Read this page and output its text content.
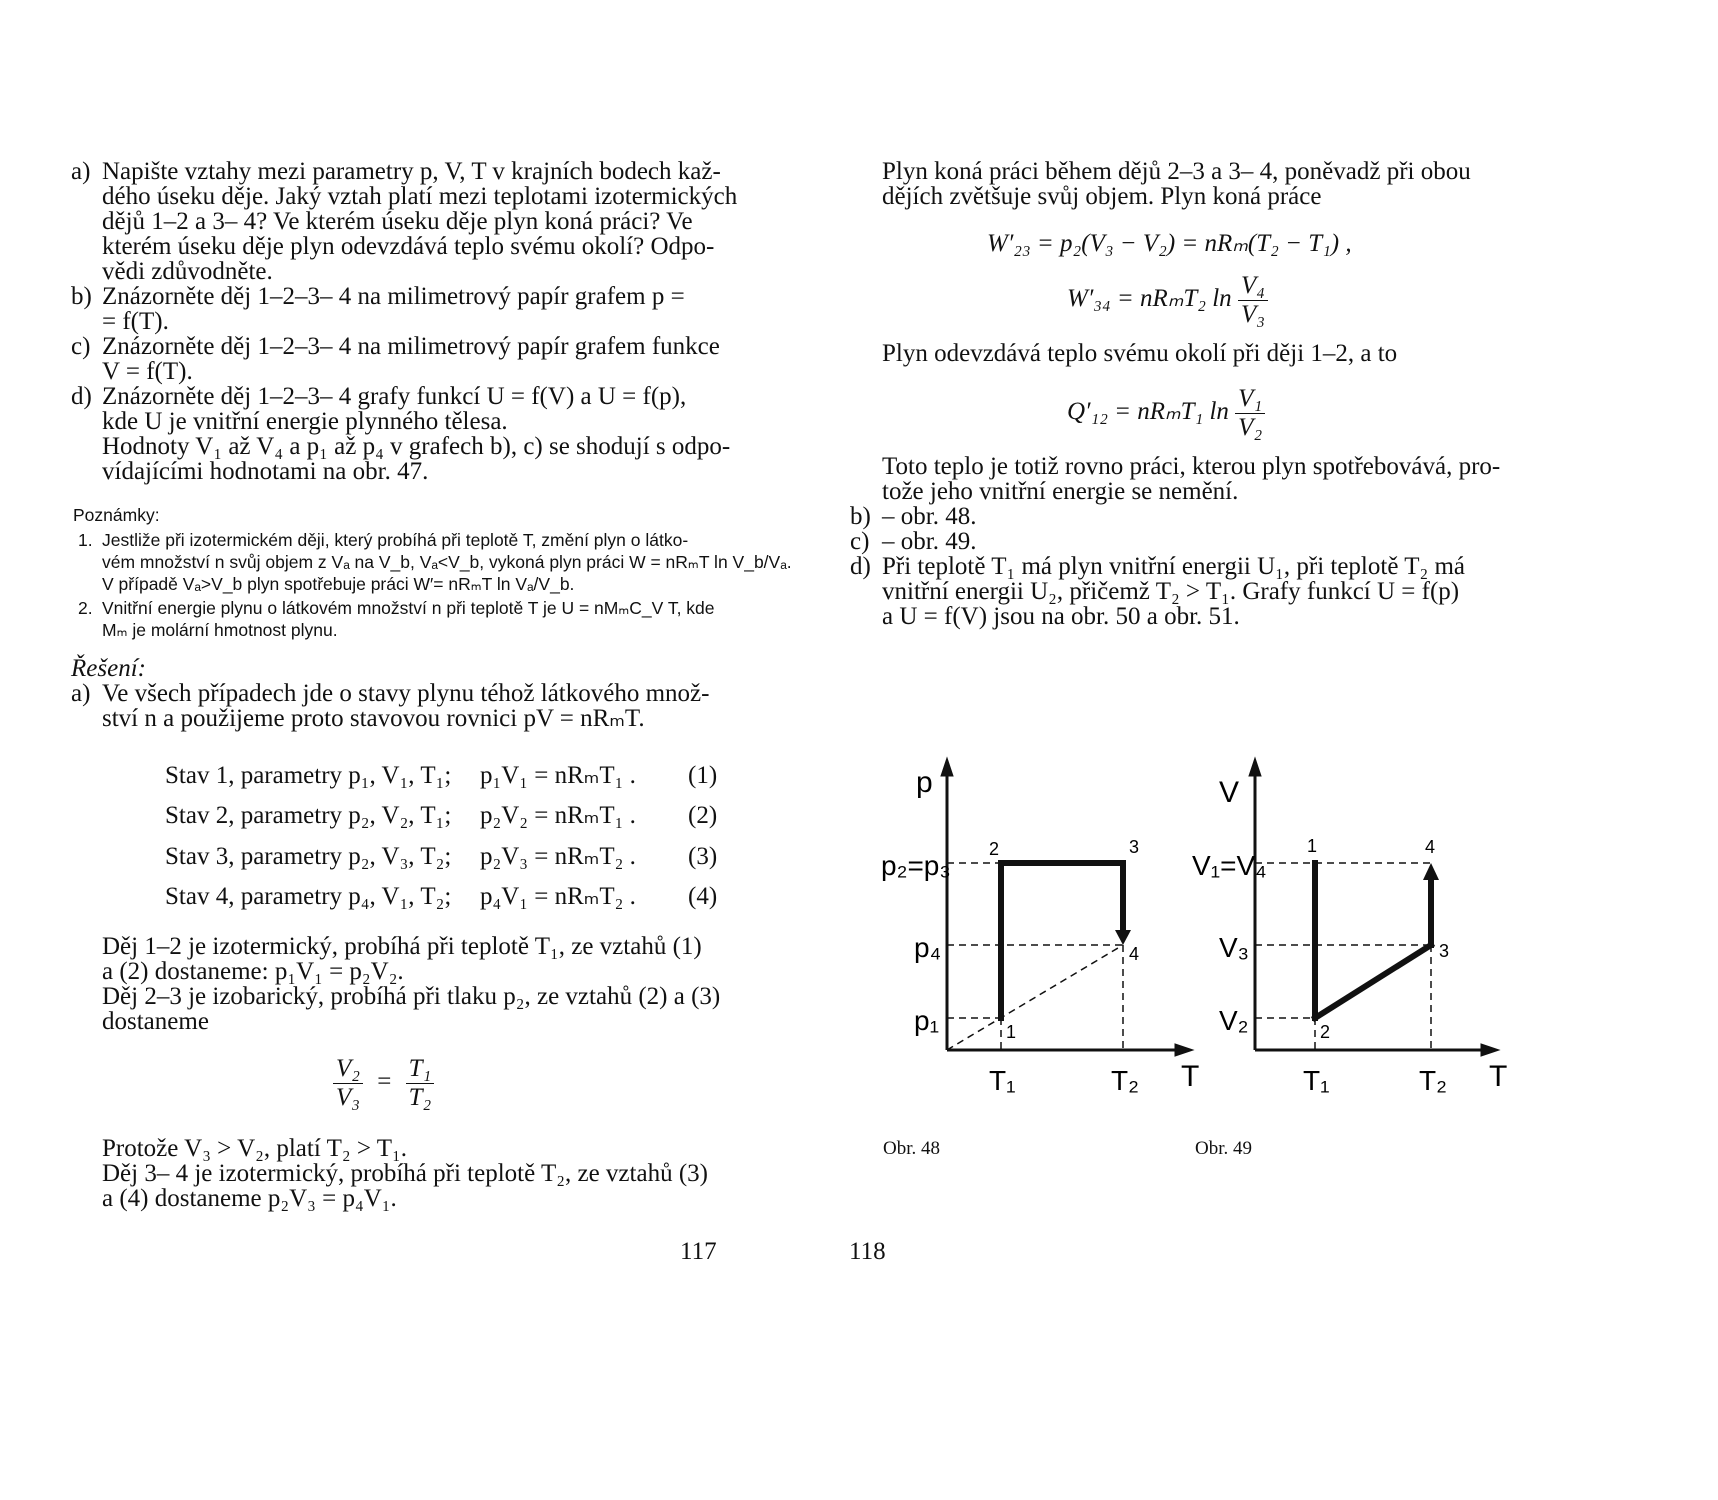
a) Napište vztahy mezi parametry p, V, T v krajních bodech kaž-
dého úseku děje. Jaký vztah platí mezi teplotami izotermických
dějů 1–2 a 3– 4? Ve kterém úseku děje plyn koná práci? Ve
kterém úseku děje plyn odevzdává teplo svému okolí? Odpo-
vědi zdůvodněte.
b) Znázorněte děj 1–2–3– 4 na milimetrový papír grafem p =
= f(T).
c) Znázorněte děj 1–2–3– 4 na milimetrový papír grafem funkce
V = f(T).
d) Znázorněte děj 1–2–3– 4 grafy funkcí U = f(V) a U = f(p),
kde U je vnitřní energie plynného tělesa.
Hodnoty V₁ až V₄ a p₁ až p₄ v grafech b), c) se shodují s odpo-
vídajícími hodnotami na obr. 47.
Poznámky:
1. Jestliže při izotermickém ději, který probíhá při teplotě T, změní plyn o látko-
vém množství n svůj objem z Vₐ na V_b, Vₐ<V_b, vykoná plyn práci W = nRₘT ln V_b/Vₐ.
V případě Vₐ>V_b plyn spotřebuje práci W′= nRₘT ln Vₐ/V_b.
2. Vnitřní energie plynu o látkovém množství n při teplotě T je U = nMₘC_V T, kde
Mₘ je molární hmotnost plynu.
Řešení:
a) Ve všech případech jde o stavy plynu téhož látkového množ-
ství n a použijeme proto stavovou rovnici pV = nRₘT.
Stav 1, parametry p₁, V₁, T₁; p₁V₁ = nRₘT₁ . (1)
Stav 2, parametry p₂, V₂, T₁; p₂V₂ = nRₘT₁ . (2)
Stav 3, parametry p₂, V₃, T₂; p₂V₃ = nRₘT₂ . (3)
Stav 4, parametry p₄, V₁, T₂; p₄V₁ = nRₘT₂ . (4)
Děj 1–2 je izotermický, probíhá při teplotě T₁, ze vztahů (1)
a (2) dostaneme: p₁V₁ = p₂V₂.
Děj 2–3 je izobarický, probíhá při tlaku p₂, ze vztahů (2) a (3)
dostaneme
$\frac{\text{V₂}}{\text{V₃}} = \frac{\text{T₁}}{\text{T₂}}$
Protože V₃ > V₂, platí T₂ > T₁.
Děj 3– 4 je izotermický, probíhá při teplotě T₂, ze vztahů (3)
a (4) dostaneme p₂V₃ = p₄V₁.
117
Plyn koná práci během dějů 2–3 a 3– 4, poněvadž při obou
dějích zvětšuje svůj objem. Plyn koná práce
W′₂₃ = p₂(V₃ − V₂) = nRₘ(T₂ − T₁) ,
W′₃₄ = nRₘT₂ $\ln \frac{\text{V₄}}{\text{V₃}}$
Plyn odevzdává teplo svému okolí při ději 1–2, a to
Q′₁₂ = nRₘT₁ $\ln \frac{\text{V₁}}{\text{V₂}}$
Toto teplo je totiž rovno práci, kterou plyn spotřebovává, pro-
tože jeho vnitřní energie se nemění.
b) – obr. 48.
c) – obr. 49.
d) Při teplotě T₁ má plyn vnitřní energii U₁, při teplotě T₂ má
vnitřní energii U₂, přičemž T₂ > T₁. Grafy funkcí U = f(p)
a U = f(V) jsou na obr. 50 a obr. 51.
p
T
p₂=p₃
p₄
p₁
T₁	T₂
1
2	3
4
V
T
V₁=V₄
V₃
V₂
T₁	T₂
1
2
3
4
Obr. 48	Obr. 49
118
